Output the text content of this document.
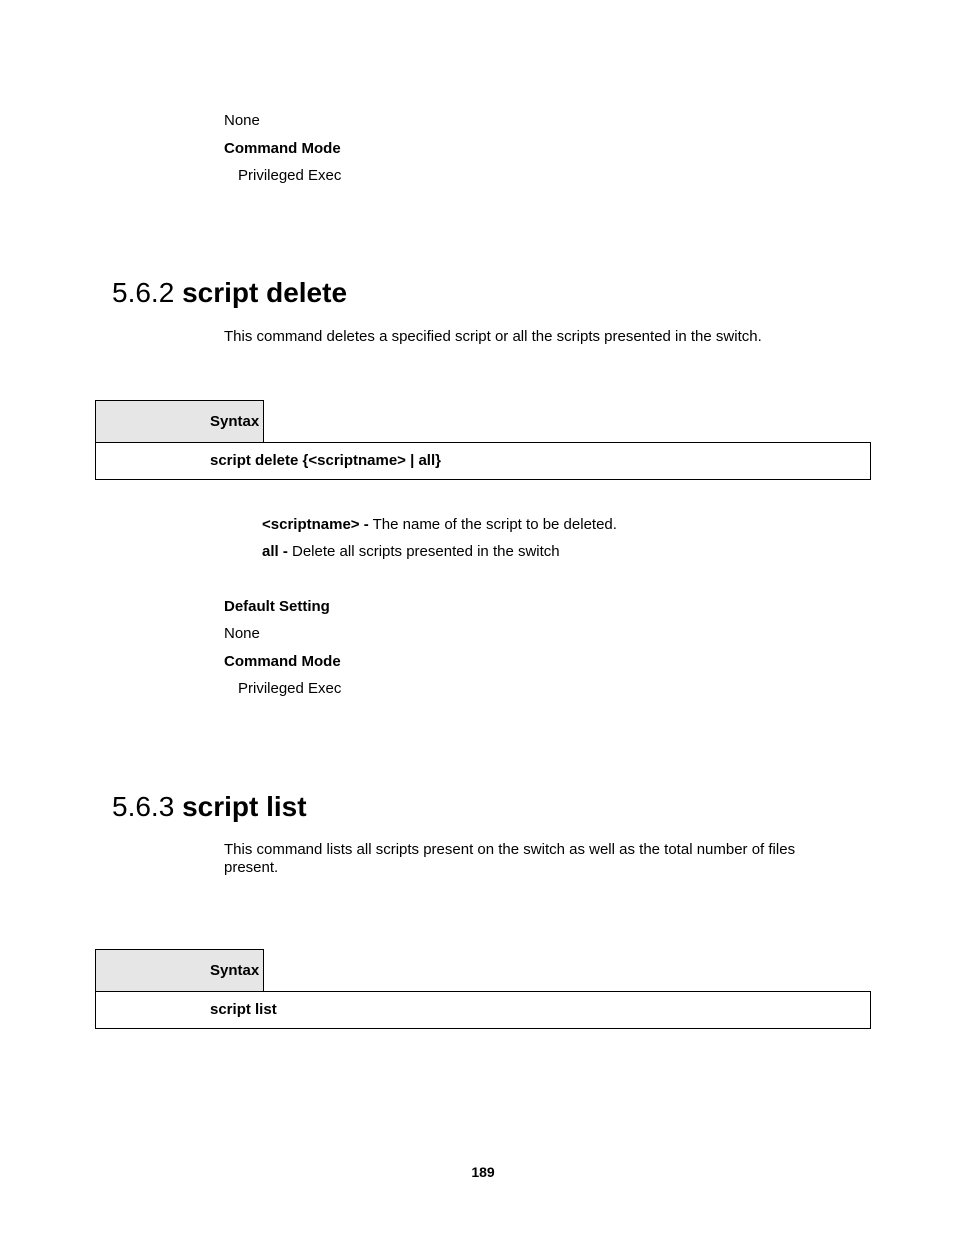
None
Command Mode
Privileged Exec
5.6.2 script delete
This command deletes a specified script or all the scripts presented in the switch.
Syntax
script delete {<scriptname> | all}
<scriptname> - The name of the script to be deleted.
all - Delete all scripts presented in the switch
Default Setting
None
Command Mode
Privileged Exec
5.6.3 script list
This command lists all scripts present on the switch as well as the total number of files
present.
Syntax
script list
189
